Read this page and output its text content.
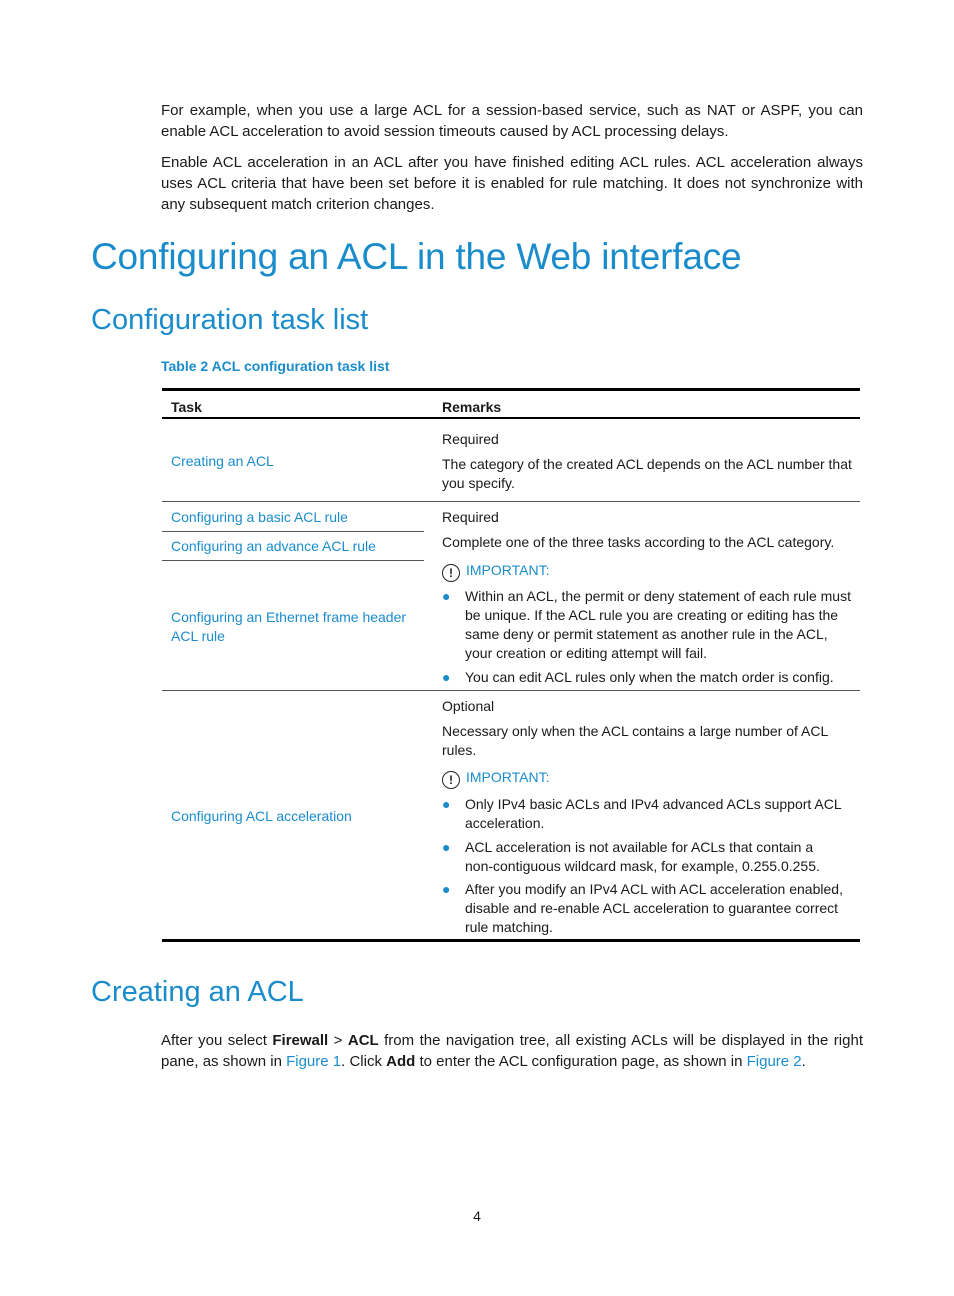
For example, when you use a large ACL for a session-based service, such as NAT or ASPF, you can enable ACL acceleration to avoid session timeouts caused by ACL processing delays.

Enable ACL acceleration in an ACL after you have finished editing ACL rules. ACL acceleration always uses ACL criteria that have been set before it is enabled for rule matching. It does not synchronize with any subsequent match criterion changes.

Configuring an ACL in the Web interface
Configuration task list
Table 2 ACL configuration task list
Task	Remarks
Creating an ACL
Required
The category of the created ACL depends on the ACL number that you specify.
Configuring a basic ACL rule
Configuring an advance ACL rule
Configuring an Ethernet frame header ACL rule
Required
Complete one of the three tasks according to the ACL category.
! IMPORTANT:
● Within an ACL, the permit or deny statement of each rule must be unique. If the ACL rule you are creating or editing has the same deny or permit statement as another rule in the ACL, your creation or editing attempt will fail.
● You can edit ACL rules only when the match order is config.
Configuring ACL acceleration
Optional
Necessary only when the ACL contains a large number of ACL rules.
! IMPORTANT:
● Only IPv4 basic ACLs and IPv4 advanced ACLs support ACL acceleration.
● ACL acceleration is not available for ACLs that contain a non-contiguous wildcard mask, for example, 0.255.0.255.
● After you modify an IPv4 ACL with ACL acceleration enabled, disable and re-enable ACL acceleration to guarantee correct rule matching.
Creating an ACL

After you select Firewall > ACL from the navigation tree, all existing ACLs will be displayed in the right pane, as shown in Figure 1. Click Add to enter the ACL configuration page, as shown in Figure 2.

4
